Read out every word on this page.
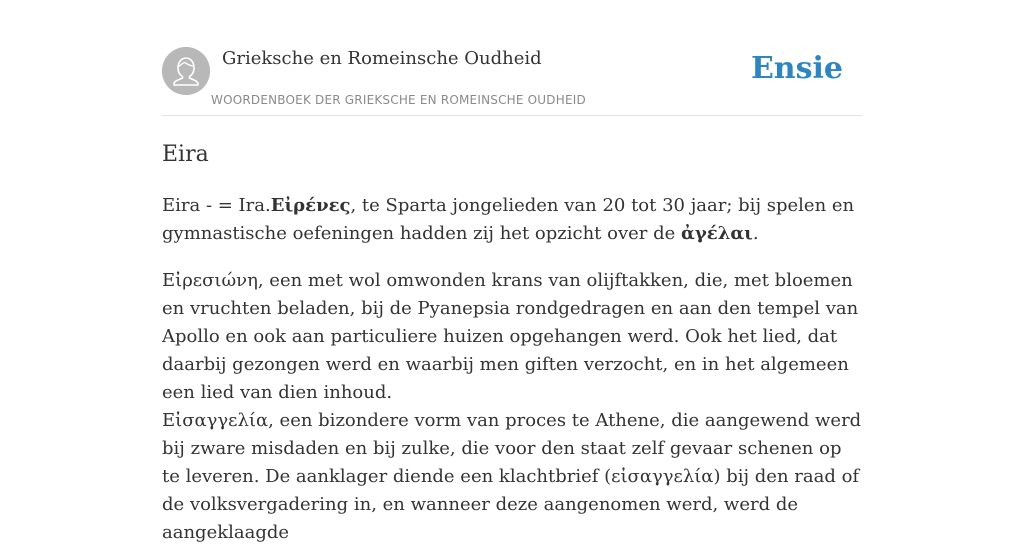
Grieksche en Romeinsche Oudheid
WOORDENBOEK DER GRIEKSCHE EN ROMEINSCHE OUDHEID
Ensie
Eira

Eira - = Ira.Εἰρένες, te Sparta jongelieden van 20 tot 30 jaar; bij spelen en gymnastische oefeningen hadden zij het opzicht over de ἀγέλαι.

Εἰρεσιώνη, een met wol omwonden krans van olijftakken, die, met bloemen en vruchten beladen, bij de Pyanepsia rondgedragen en aan den tempel van Apollo en ook aan particuliere huizen opgehangen werd. Ook het lied, dat daarbij gezongen werd en waarbij men giften verzocht, en in het algemeen een lied van dien inhoud.

Εἰσαγγελία, een bizondere vorm van proces te Athene, die aangewend werd bij zware misdaden en bij zulke, die voor den staat zelf gevaar schenen op te leveren. De aanklager diende een klachtbrief (εἰσαγγελία) bij den raad of de volksvergadering in, en wanneer deze aangenomen werd, werd de aangeklaagde
